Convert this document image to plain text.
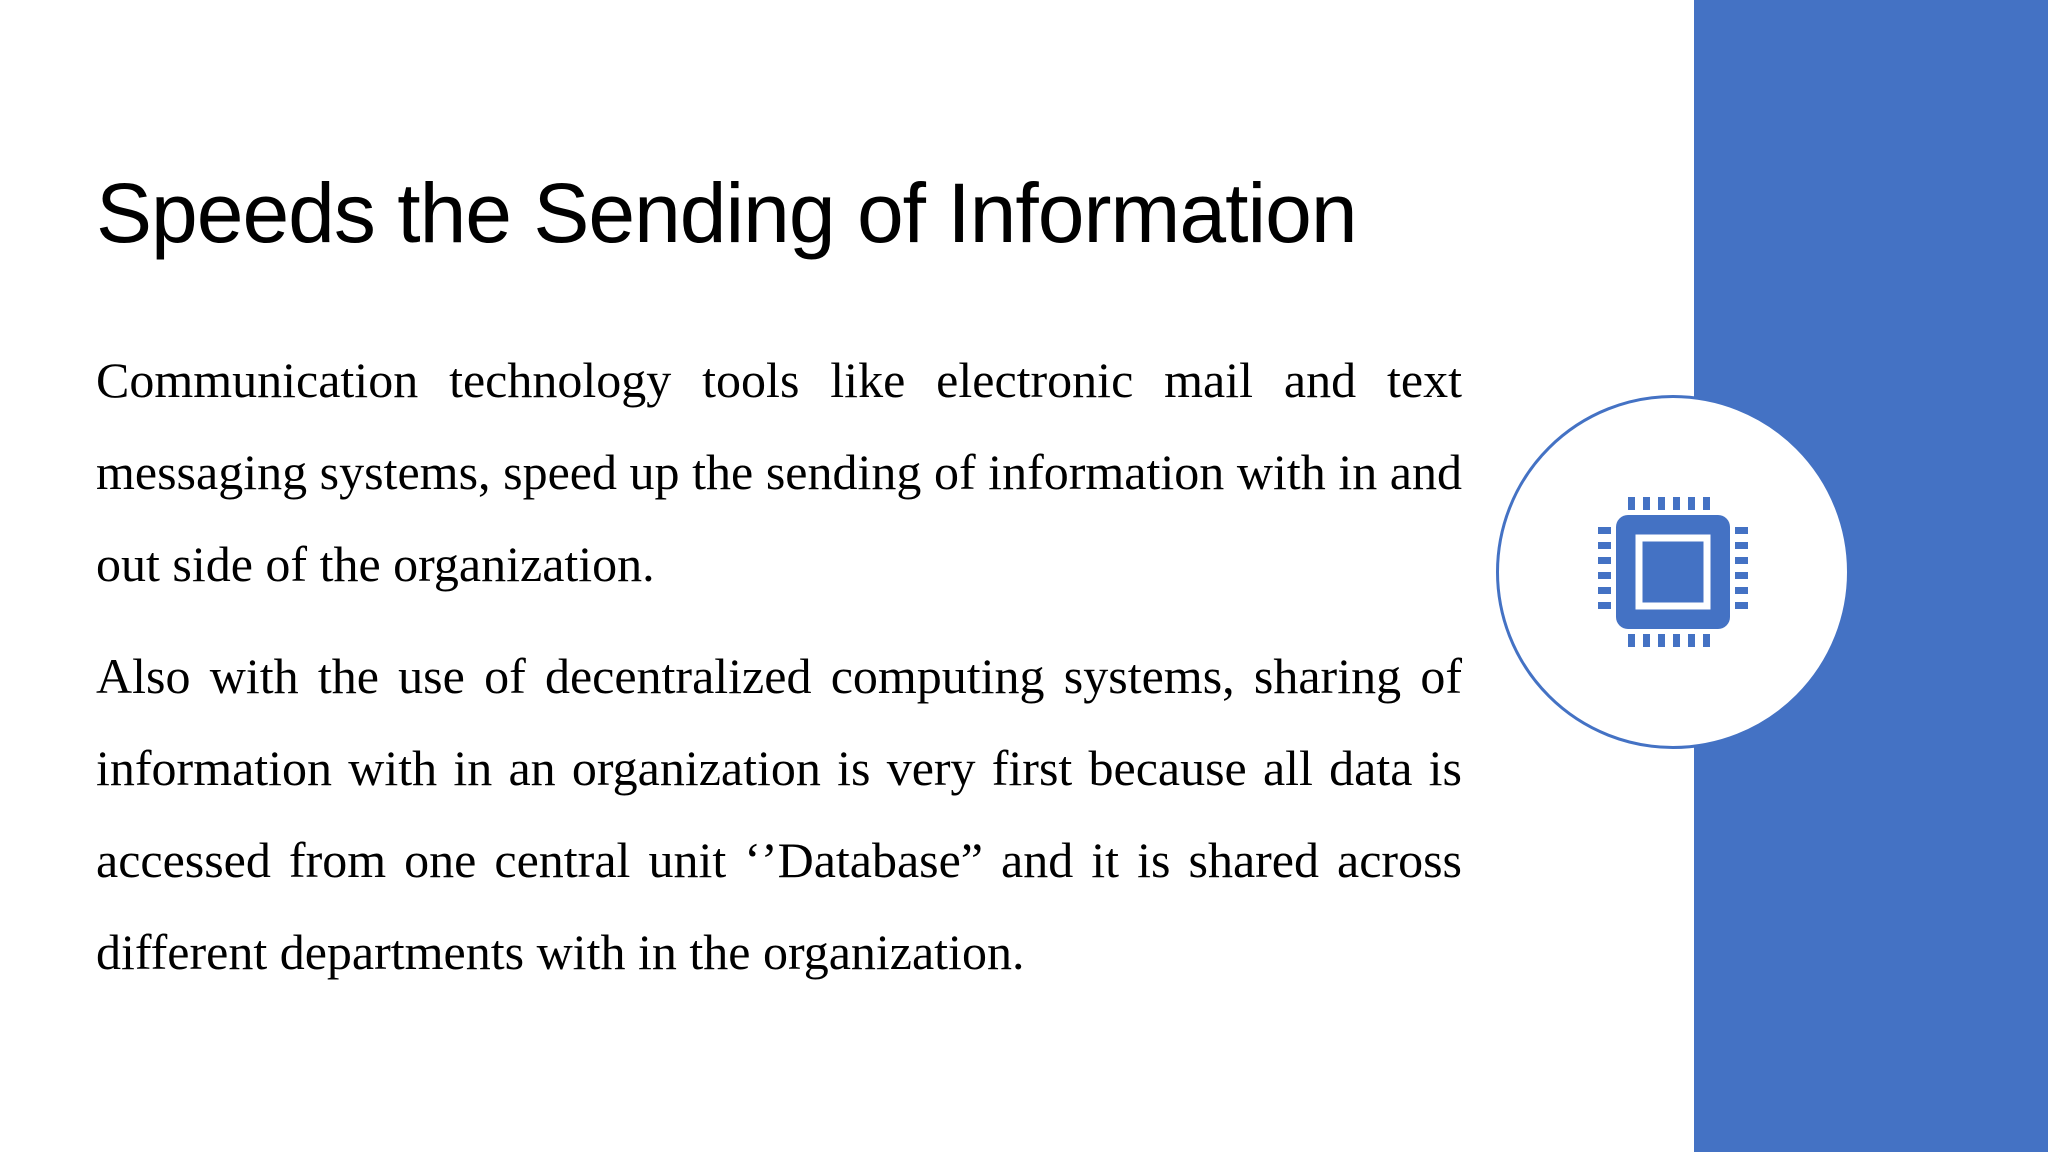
Speeds the Sending of Information

Communication technology tools like electronic mail and text messaging systems, speed up the sending of information with in and out side of the organization.

Also with the use of decentralized computing systems, sharing of information with in an organization is very first because all data is accessed from one central unit ‘’Database” and it is shared across different departments with in the organization.
